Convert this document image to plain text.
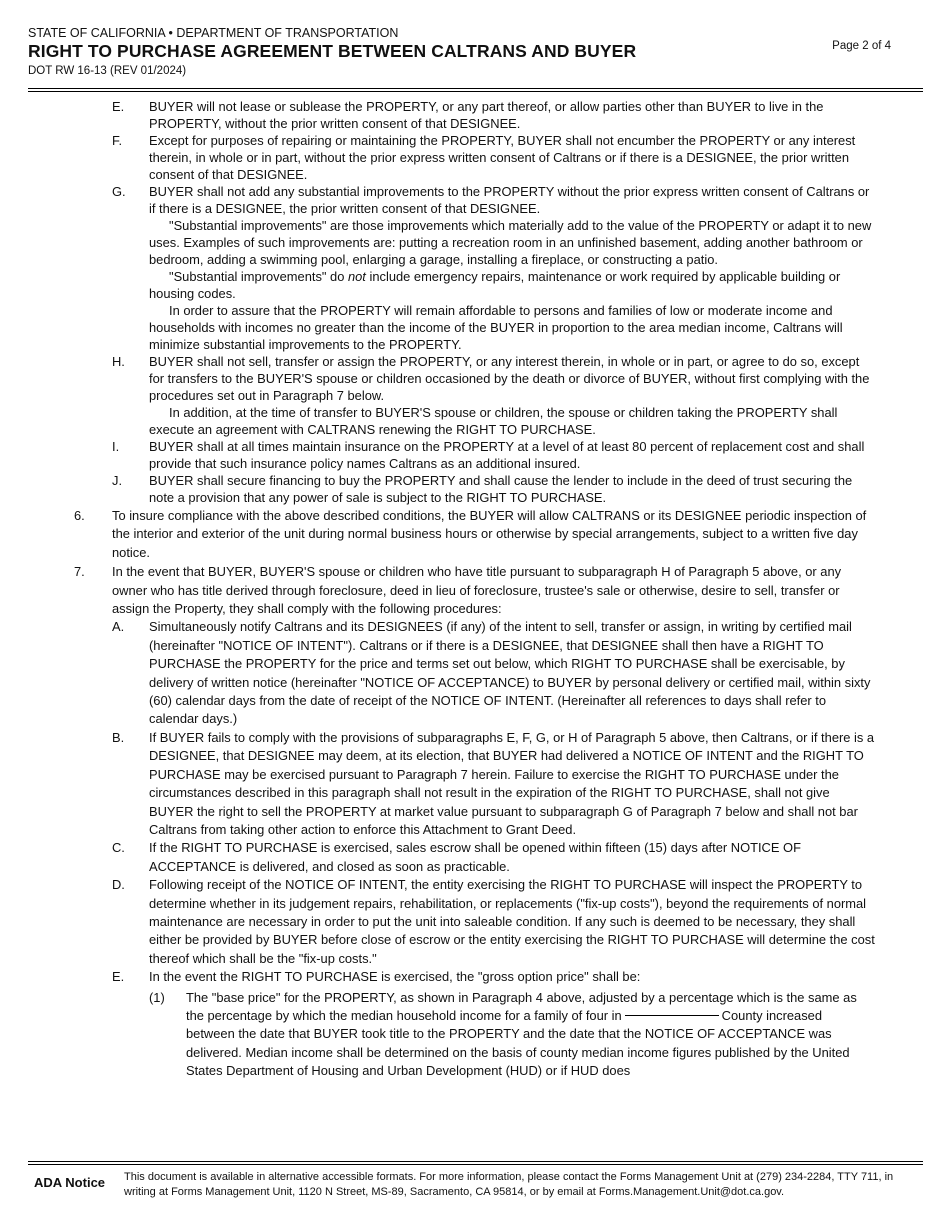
STATE OF CALIFORNIA • DEPARTMENT OF TRANSPORTATION
RIGHT TO PURCHASE AGREEMENT BETWEEN CALTRANS AND BUYER
DOT RW 16-13 (REV 01/2024)
Page 2 of 4
E. BUYER will not lease or sublease the PROPERTY, or any part thereof, or allow parties other than BUYER to live in the PROPERTY, without the prior written consent of that DESIGNEE.
F. Except for purposes of repairing or maintaining the PROPERTY, BUYER shall not encumber the PROPERTY or any interest therein, in whole or in part, without the prior express written consent of Caltrans or if there is a DESIGNEE, the prior written consent of that DESIGNEE.
G. BUYER shall not add any substantial improvements to the PROPERTY without the prior express written consent of Caltrans or if there is a DESIGNEE, the prior written consent of that DESIGNEE.
"Substantial improvements" are those improvements which materially add to the value of the PROPERTY or adapt it to new uses. Examples of such improvements are: putting a recreation room in an unfinished basement, adding another bathroom or bedroom, adding a swimming pool, enlarging a garage, installing a fireplace, or constructing a patio.
"Substantial improvements" do not include emergency repairs, maintenance or work required by applicable building or housing codes.
In order to assure that the PROPERTY will remain affordable to persons and families of low or moderate income and households with incomes no greater than the income of the BUYER in proportion to the area median income, Caltrans will minimize substantial improvements to the PROPERTY.
H. BUYER shall not sell, transfer or assign the PROPERTY, or any interest therein, in whole or in part, or agree to do so, except for transfers to the BUYER'S spouse or children occasioned by the death or divorce of BUYER, without first complying with the procedures set out in Paragraph 7 below.
In addition, at the time of transfer to BUYER'S spouse or children, the spouse or children taking the PROPERTY shall execute an agreement with CALTRANS renewing the RIGHT TO PURCHASE.
I. BUYER shall at all times maintain insurance on the PROPERTY at a level of at least 80 percent of replacement cost and shall provide that such insurance policy names Caltrans as an additional insured.
J. BUYER shall secure financing to buy the PROPERTY and shall cause the lender to include in the deed of trust securing the note a provision that any power of sale is subject to the RIGHT TO PURCHASE.
6. To insure compliance with the above described conditions, the BUYER will allow CALTRANS or its DESIGNEE periodic inspection of the interior and exterior of the unit during normal business hours or otherwise by special arrangements, subject to a written five day notice.
7. In the event that BUYER, BUYER'S spouse or children who have title pursuant to subparagraph H of Paragraph 5 above, or any owner who has title derived through foreclosure, deed in lieu of foreclosure, trustee's sale or otherwise, desire to sell, transfer or assign the Property, they shall comply with the following procedures:
A. Simultaneously notify Caltrans and its DESIGNEES (if any) of the intent to sell, transfer or assign, in writing by certified mail (hereinafter "NOTICE OF INTENT"). Caltrans or if there is a DESIGNEE, that DESIGNEE shall then have a RIGHT TO PURCHASE the PROPERTY for the price and terms set out below, which RIGHT TO PURCHASE shall be exercisable, by delivery of written notice (hereinafter "NOTICE OF ACCEPTANCE) to BUYER by personal delivery or certified mail, within sixty (60) calendar days from the date of receipt of the NOTICE OF INTENT. (Hereinafter all references to days shall refer to calendar days.)
B. If BUYER fails to comply with the provisions of subparagraphs E, F, G, or H of Paragraph 5 above, then Caltrans, or if there is a DESIGNEE, that DESIGNEE may deem, at its election, that BUYER had delivered a NOTICE OF INTENT and the RIGHT TO PURCHASE may be exercised pursuant to Paragraph 7 herein. Failure to exercise the RIGHT TO PURCHASE under the circumstances described in this paragraph shall not result in the expiration of the RIGHT TO PURCHASE, shall not give BUYER the right to sell the PROPERTY at market value pursuant to subparagraph G of Paragraph 7 below and shall not bar Caltrans from taking other action to enforce this Attachment to Grant Deed.
C. If the RIGHT TO PURCHASE is exercised, sales escrow shall be opened within fifteen (15) days after NOTICE OF ACCEPTANCE is delivered, and closed as soon as practicable.
D. Following receipt of the NOTICE OF INTENT, the entity exercising the RIGHT TO PURCHASE will inspect the PROPERTY to determine whether in its judgement repairs, rehabilitation, or replacements ("fix-up costs"), beyond the requirements of normal maintenance are necessary in order to put the unit into saleable condition. If any such is deemed to be necessary, they shall either be provided by BUYER before close of escrow or the entity exercising the RIGHT TO PURCHASE will determine the cost thereof which shall be the "fix-up costs."
E. In the event the RIGHT TO PURCHASE is exercised, the "gross option price" shall be:
(1) The "base price" for the PROPERTY, as shown in Paragraph 4 above, adjusted by a percentage which is the same as the percentage by which the median household income for a family of four in	County increased between the date that BUYER took title to the PROPERTY and the date that the NOTICE OF ACCEPTANCE was delivered. Median income shall be determined on the basis of county median income figures published by the United States Department of Housing and Urban Development (HUD) or if HUD does
ADA Notice This document is available in alternative accessible formats. For more information, please contact the Forms Management Unit at (279) 234-2284, TTY 711, in writing at Forms Management Unit, 1120 N Street, MS-89, Sacramento, CA 95814, or by email at Forms.Management.Unit@dot.ca.gov.
